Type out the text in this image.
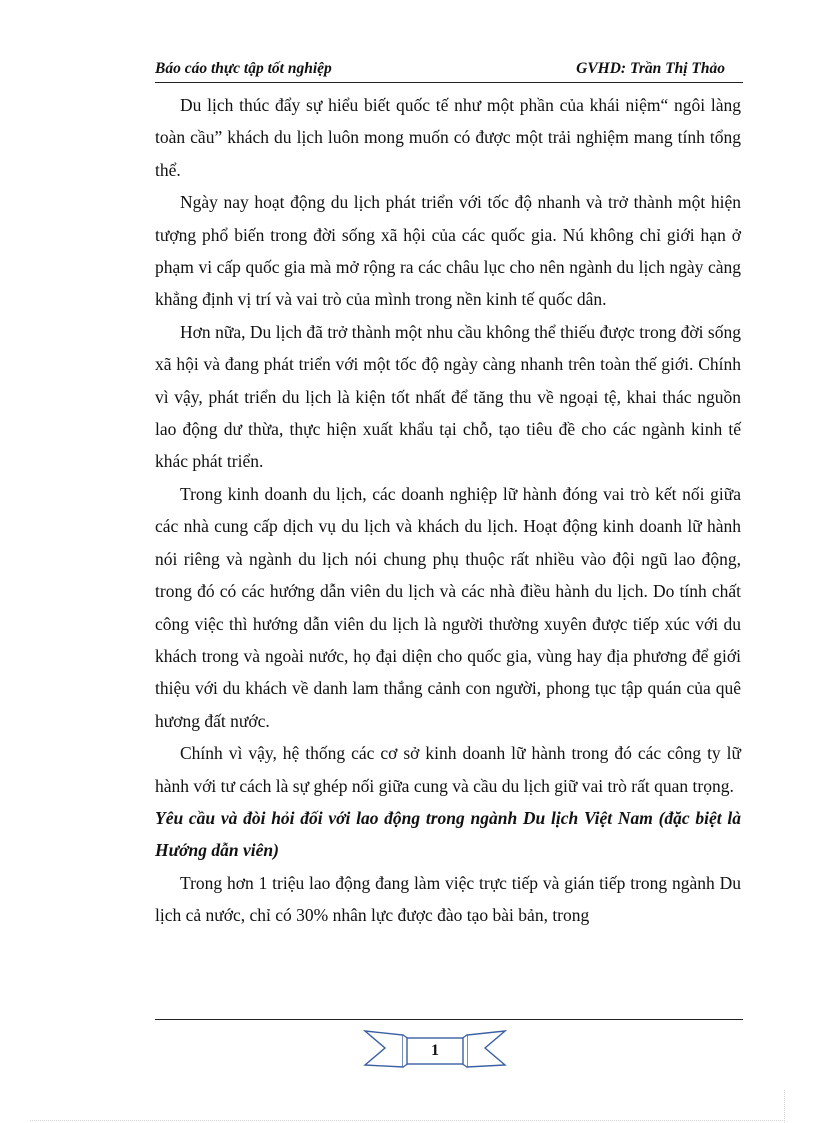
Báo cáo thực tập tốt nghiệp	GVHD: Trần Thị Thảo

Du lịch thúc đẩy sự hiểu biết quốc tế như một phần của khái niệm“ ngôi làng toàn cầu” khách du lịch luôn mong muốn có được một trải nghiệm mang tính tổng thể.

Ngày nay hoạt động du lịch phát triển với tốc độ nhanh và trở thành một hiện tượng phổ biến trong đời sống xã hội của các quốc gia. Nú không chỉ giới hạn ở phạm vi cấp quốc gia mà mở rộng ra các châu lục cho nên ngành du lịch ngày càng khẳng định vị trí và vai trò của mình trong nền kinh tế quốc dân.

Hơn nữa, Du lịch đã trở thành một nhu cầu không thể thiếu được trong đời sống xã hội và đang phát triển với một tốc độ ngày càng nhanh trên toàn thế giới. Chính vì vậy, phát triển du lịch là kiện tốt nhất để tăng thu về ngoại tệ, khai thác nguồn lao động dư thừa, thực hiện xuất khẩu tại chỗ, tạo tiêu đề cho các ngành kinh tế khác phát triển.

Trong kinh doanh du lịch, các doanh nghiệp lữ hành đóng vai trò kết nối giữa các nhà cung cấp dịch vụ du lịch và khách du lịch. Hoạt động kinh doanh lữ hành nói riêng và ngành du lịch nói chung phụ thuộc rất nhiều vào đội ngũ lao động, trong đó có các hướng dẫn viên du lịch và các nhà điều hành du lịch. Do tính chất công việc thì hướng dẫn viên du lịch là người thường xuyên được tiếp xúc với du khách trong và ngoài nước, họ đại diện cho quốc gia, vùng hay địa phương để giới thiệu với du khách về danh lam thắng cảnh con người, phong tục tập quán của quê hương đất nước.

Chính vì vậy, hệ thống các cơ sở kinh doanh lữ hành trong đó các công ty lữ hành với tư cách là sự ghép nối giữa cung và cầu du lịch giữ vai trò rất quan trọng.

Yêu cầu và đòi hỏi đối với lao động trong ngành Du lịch Việt Nam (đặc biệt là Hướng dẫn viên)

Trong hơn 1 triệu lao động đang làm việc trực tiếp và gián tiếp trong ngành Du lịch cả nước, chỉ có 30% nhân lực được đào tạo bài bản, trong

1
